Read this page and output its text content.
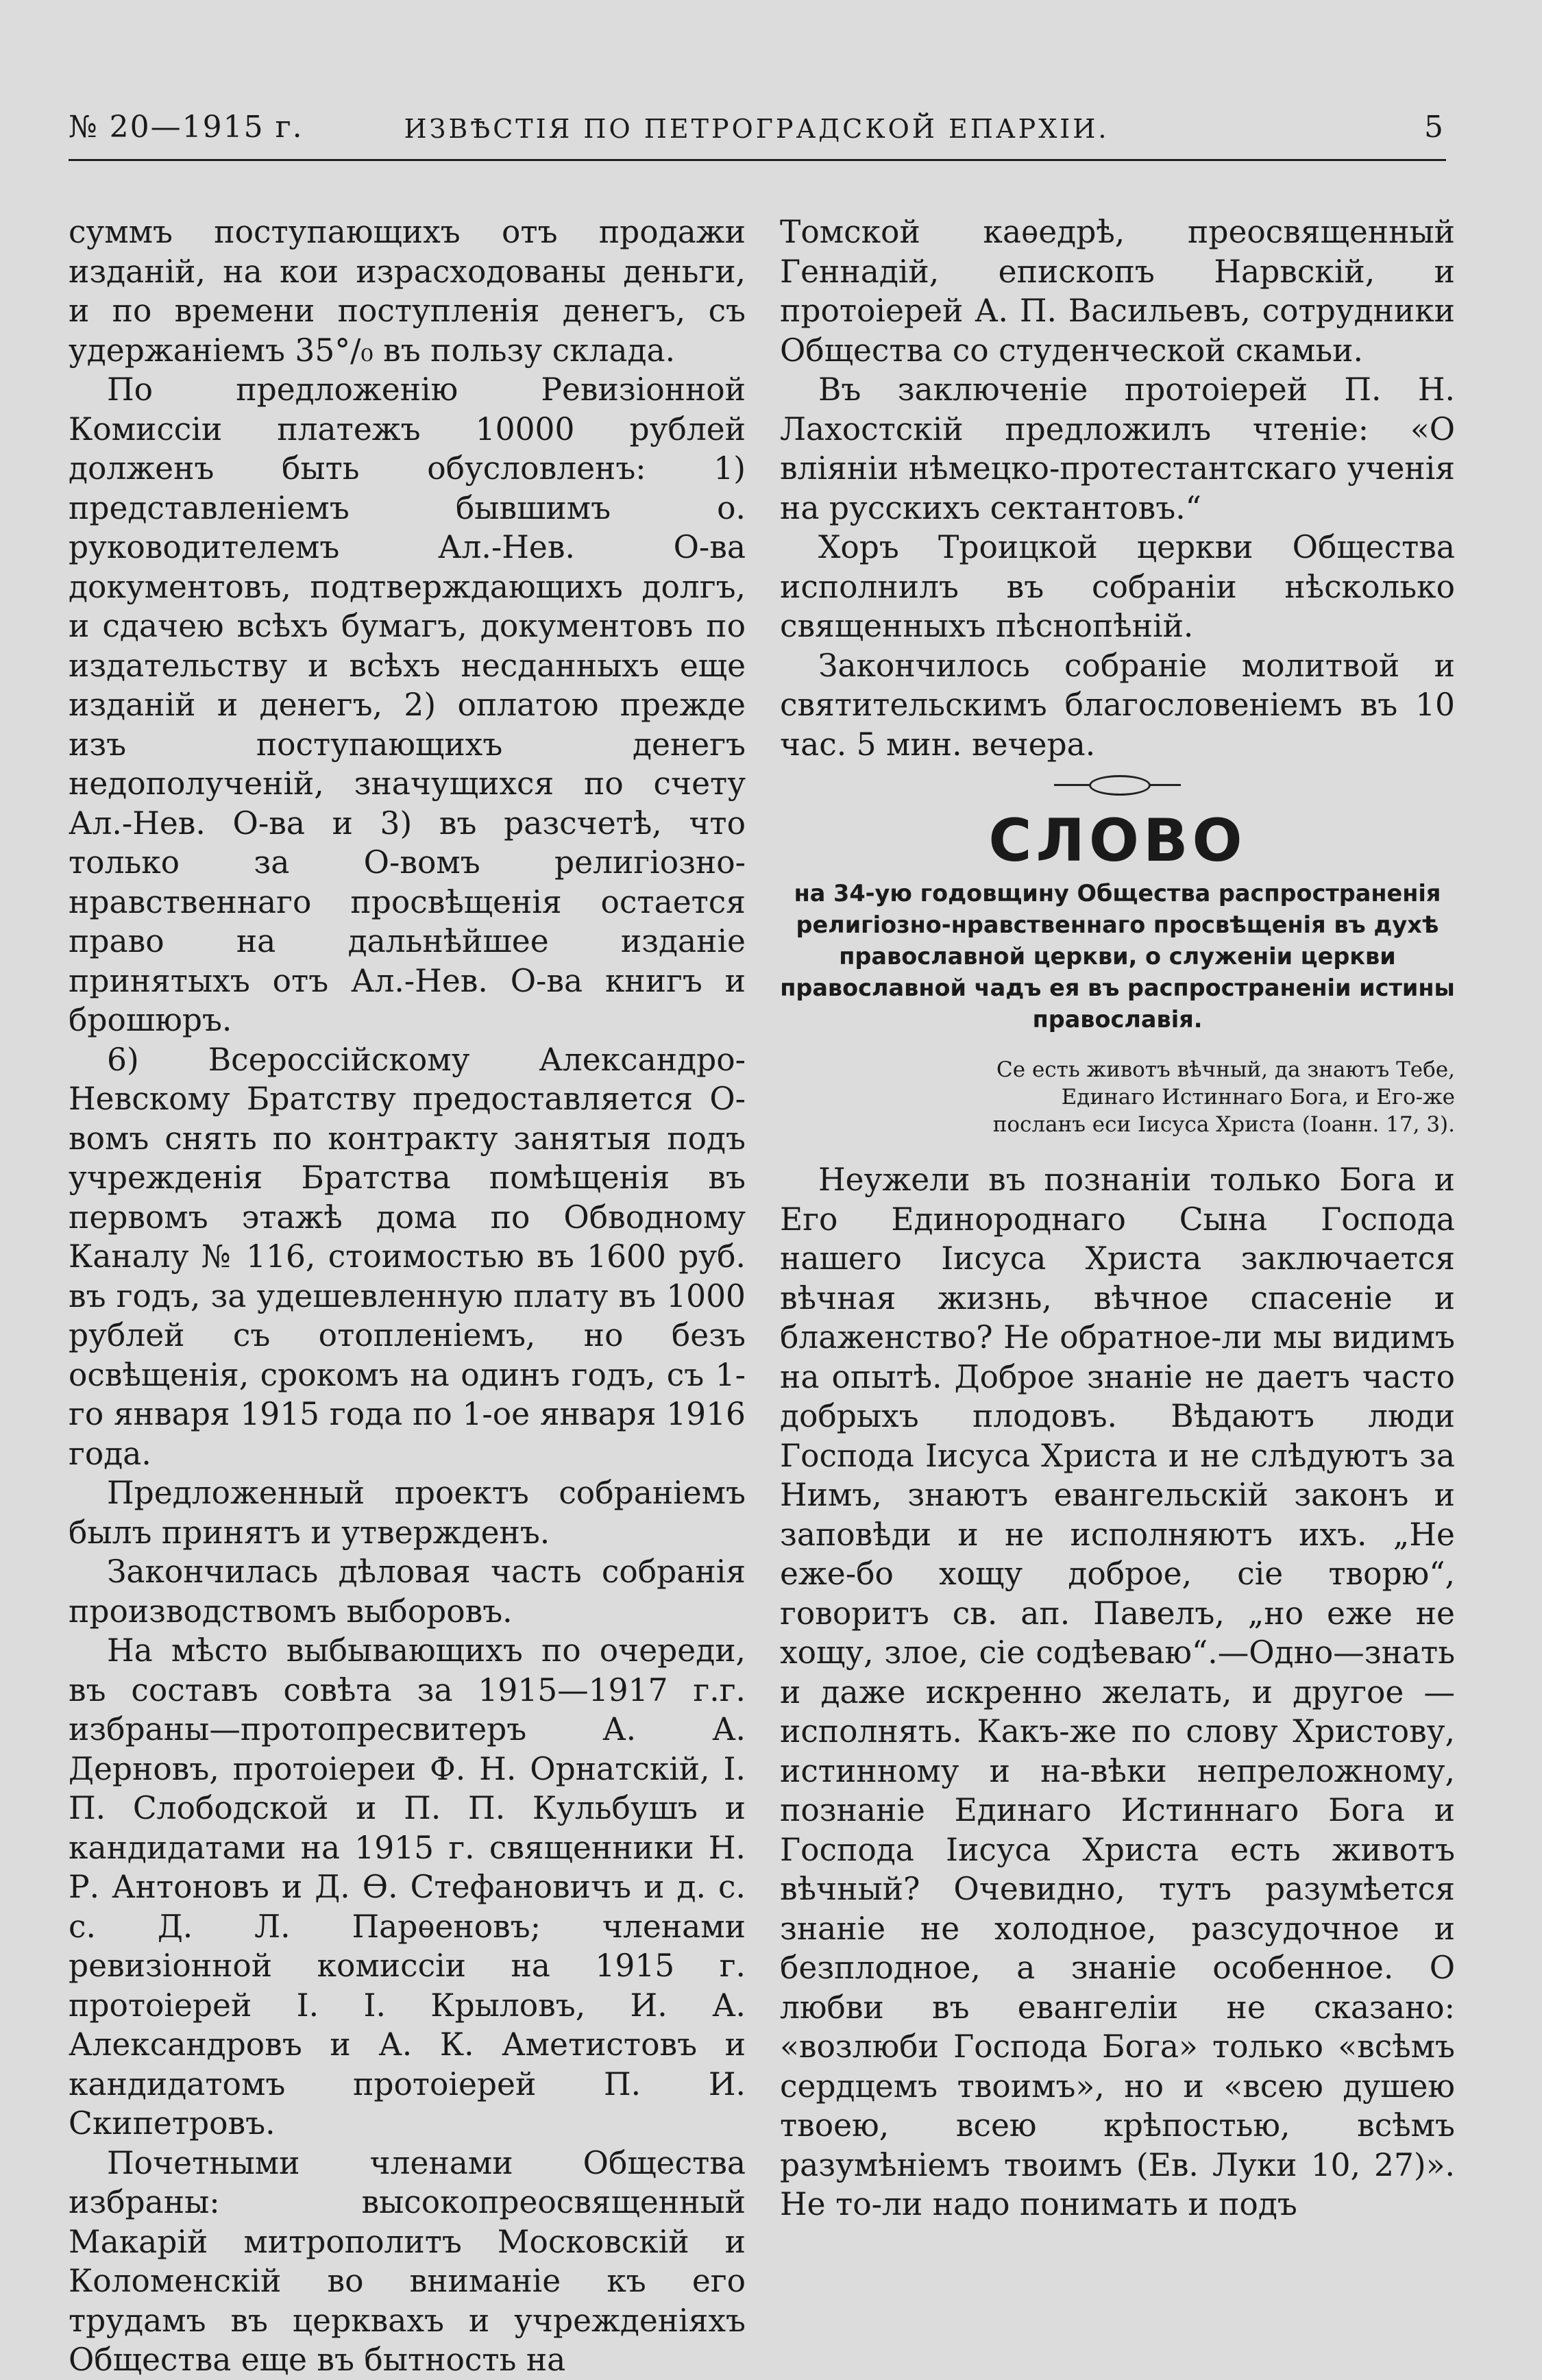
№ 20—1915 г.	ИЗВѢСТІЯ ПО ПЕТРОГРАДСКОЙ ЕПАРХІИ.	5

суммъ поступающихъ отъ продажи изданій, на кои израсходованы деньги, и по времени поступленія денегъ, съ удержаніемъ 35°/₀ въ пользу склада.

По предложенію Ревизіонной Комиссіи платежъ 10000 рублей долженъ быть обусловленъ: 1) представленіемъ бывшимъ о. руководителемъ Ал.-Нев. О-ва документовъ, подтверждающихъ долгъ, и сдачею всѣхъ бумагъ, документовъ по издательству и всѣхъ несданныхъ еще изданій и денегъ, 2) оплатою прежде изъ поступающихъ денегъ недополученій, значущихся по счету Ал.-Нев. О-ва и 3) въ разсчетѣ, что только за О-вомъ религіозно-нравственнаго просвѣщенія остается право на дальнѣйшее изданіе принятыхъ отъ Ал.-Нев. О-ва книгъ и брошюръ.

6) Всероссійскому Александро-Невскому Братству предоставляется О-вомъ снять по контракту занятыя подъ учрежденія Братства помѣщенія въ первомъ этажѣ дома по Обводному Каналу № 116, стоимостью въ 1600 руб. въ годъ, за удешевленную плату въ 1000 рублей съ отопленіемъ, но безъ освѣщенія, срокомъ на одинъ годъ, съ 1-го января 1915 года по 1-ое января 1916 года.

Предложенный проектъ собраніемъ былъ принятъ и утвержденъ.

Закончилась дѣловая часть собранія производствомъ выборовъ.

На мѣсто выбывающихъ по очереди, въ составъ совѣта за 1915—1917 г.г. избраны—протопресвитеръ А. А. Дерновъ, протоіереи Ф. Н. Орнатскій, І. П. Слободской и П. П. Кульбушъ и кандидатами на 1915 г. священники Н. Р. Антоновъ и Д. Ѳ. Стефановичъ и д. с. с. Д. Л. Парѳеновъ; членами ревизіонной комиссіи на 1915 г. протоіерей І. І. Крыловъ, И. А. Александровъ и А. К. Аметистовъ и кандидатомъ протоіерей П. И. Скипетровъ.

Почетными членами Общества избраны: высокопреосвященный Макарій митрополитъ Московскій и Коломенскій во вниманіе къ его трудамъ въ церквахъ и учрежденіяхъ Общества еще въ бытность на

Томской каѳедрѣ, преосвященный Геннадій, епископъ Нарвскій, и протоіерей А. П. Васильевъ, сотрудники Общества со студенческой скамьи.

Въ заключеніе протоіерей П. Н. Лахостскій предложилъ чтеніе: «О вліяніи нѣмецко-протестантскаго ученія на русскихъ сектантовъ.“

Хоръ Троицкой церкви Общества исполнилъ въ собраніи нѣсколько священныхъ пѣснопѣній.

Закончилось собраніе молитвой и святительскимъ благословеніемъ въ 10 час. 5 мин. вечера.

СЛОВО
на 34-ую годовщину Общества распространенія религіозно-нравственнаго просвѣщенія въ духѣ православной церкви, о служеніи церкви православной чадъ ея въ распространеніи истины православія.
Се есть животъ вѣчный, да знаютъ Тебе, Единаго Истиннаго Бога, и Его-же посланъ еси Іисуса Христа (Іоанн. 17, 3).

Неужели въ познаніи только Бога и Его Единороднаго Сына Господа нашего Іисуса Христа заключается вѣчная жизнь, вѣчное спасеніе и блаженство? Не обратное-ли мы видимъ на опытѣ. Доброе знаніе не даетъ часто добрыхъ плодовъ. Вѣдаютъ люди Господа Іисуса Христа и не слѣдуютъ за Нимъ, знаютъ евангельскій законъ и заповѣди и не исполняютъ ихъ. „Не еже-бо хощу доброе, сіе творю“, говоритъ св. ап. Павелъ, „но еже не хощу, злое, сіе содѣеваю“.—Одно—знать и даже искренно желать, и другое — исполнять. Какъ-же по слову Христову, истинному и на-вѣки непреложному, познаніе Единаго Истиннаго Бога и Господа Іисуса Христа есть животъ вѣчный? Очевидно, тутъ разумѣется знаніе не холодное, разсудочное и безплодное, а знаніе особенное. О любви въ евангеліи не сказано: «возлюби Господа Бога» только «всѣмъ сердцемъ твоимъ», но и «всею душею твоею, всею крѣпостью, всѣмъ разумѣніемъ твоимъ (Ев. Луки 10, 27)». Не то-ли надо понимать и подъ
